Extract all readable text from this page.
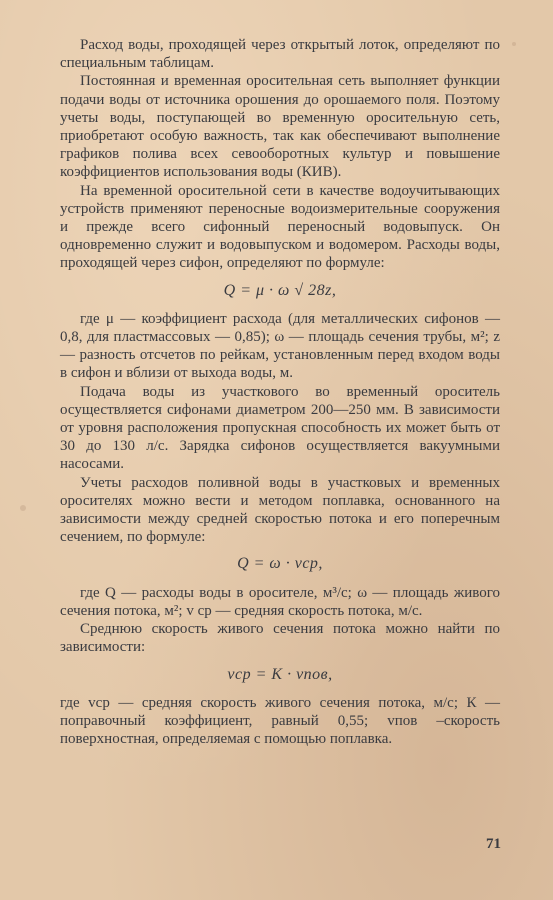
Расход воды, проходящей через открытый лоток, определяют по специальным таблицам.

Постоянная и временная оросительная сеть выполняет функции подачи воды от источника орошения до орошаемого поля. Поэтому учеты воды, поступающей во временную оросительную сеть, приобретают особую важность, так как обеспечивают выполнение графиков полива всех севооборотных культур и повышение коэффициентов использования воды (КИВ).

На временной оросительной сети в качестве водоучитывающих устройств применяют переносные водоизмерительные сооружения и прежде всего сифонный переносный водовыпуск. Он одновременно служит и водовыпуском и водомером. Расходы воды, проходящей через сифон, определяют по формуле:

Q = μ · ω √ 28z,

где μ — коэффициент расхода (для металлических сифонов — 0,8, для пластмассовых — 0,85); ω — площадь сечения трубы, м²; z — разность отсчетов по рейкам, установленным перед входом воды в сифон и вблизи от выхода воды, м.

Подача воды из участкового во временный ороситель осуществляется сифонами диаметром 200—250 мм. В зависимости от уровня расположения пропускная способность их может быть от 30 до 130 л/с. Зарядка сифонов осуществляется вакуумными насосами.

Учеты расходов поливной воды в участковых и временных оросителях можно вести и методом поплавка, основанного на зависимости между средней скоростью потока и его поперечным сечением, по формуле:

Q = ω · vср,

где Q — расходы воды в оросителе, м³/с; ω — площадь живого сечения потока, м²; v ср — средняя скорость потока, м/с.

Среднюю скорость живого сечения потока можно найти по зависимости:

vср = K · vпов,

где vср — средняя скорость живого сечения потока, м/с; К — поправочный коэффициент, равный 0,55; vпов –скорость поверхностная, определяемая с помощью поплавка.

71
